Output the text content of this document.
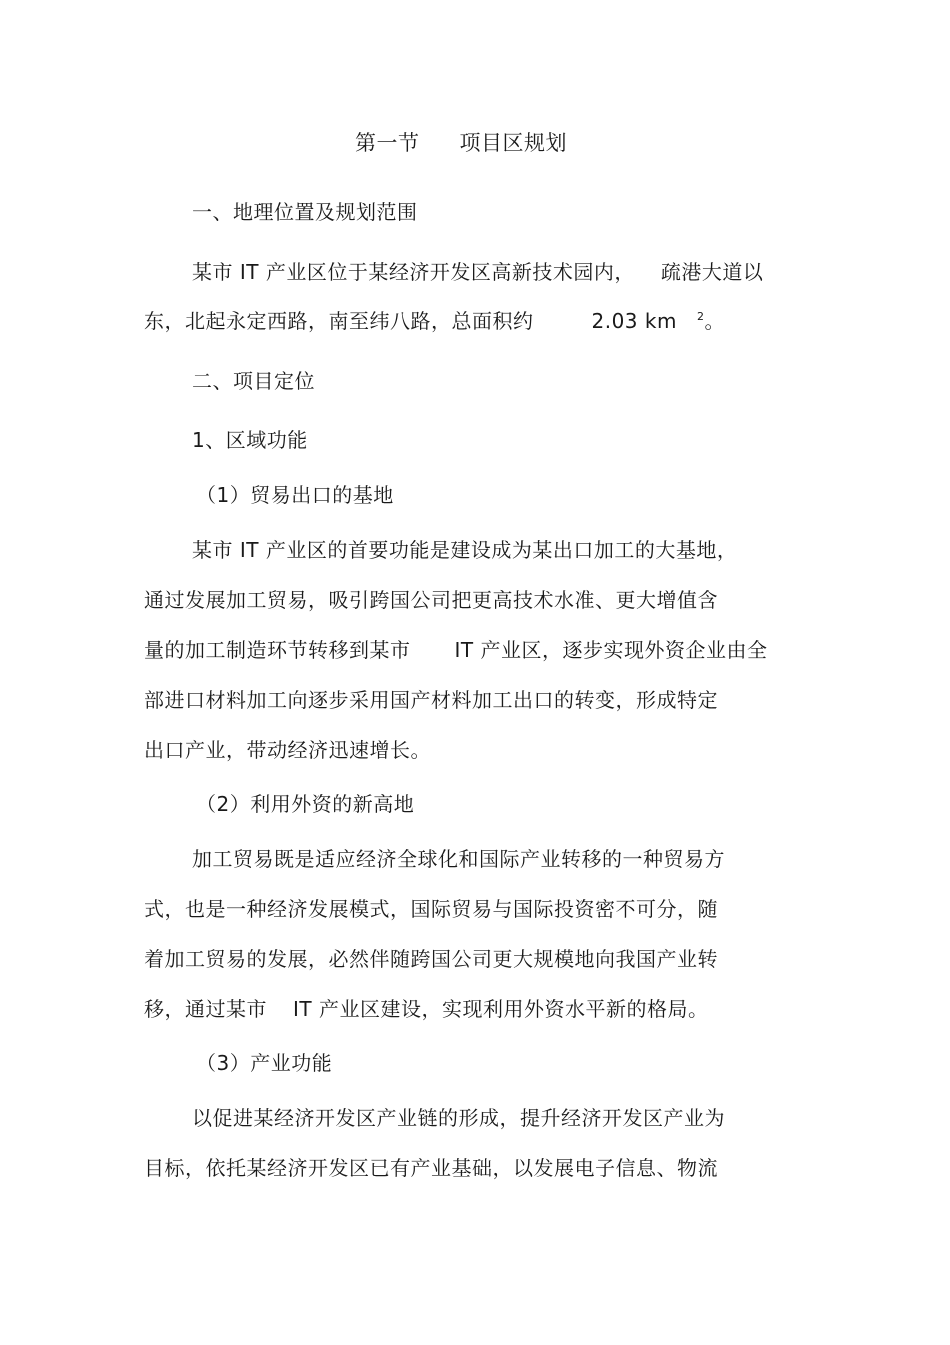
第一节 项目区规划
一、地理位置及规划范围
某市 IT 产业区位于某经济开发区高新技术园内， 疏港大道以
东，北起永定西路，南至纬八路，总面积约	2.03 km $^2$。
二、项目定位
1、区域功能
（1）贸易出口的基地
某市 IT 产业区的首要功能是建设成为某出口加工的大基地，
通过发展加工贸易，吸引跨国公司把更高技术水准、更大增值含
量的加工制造环节转移到某市 IT 产业区，逐步实现外资企业由全
部进口材料加工向逐步采用国产材料加工出口的转变，形成特定
出口产业，带动经济迅速增长。
（2）利用外资的新高地
加工贸易既是适应经济全球化和国际产业转移的一种贸易方
式，也是一种经济发展模式，国际贸易与国际投资密不可分，随
着加工贸易的发展，必然伴随跨国公司更大规模地向我国产业转
移，通过某市 IT 产业区建设，实现利用外资水平新的格局。
（3）产业功能
以促进某经济开发区产业链的形成，提升经济开发区产业为
目标，依托某经济开发区已有产业基础，以发展电子信息、物流
